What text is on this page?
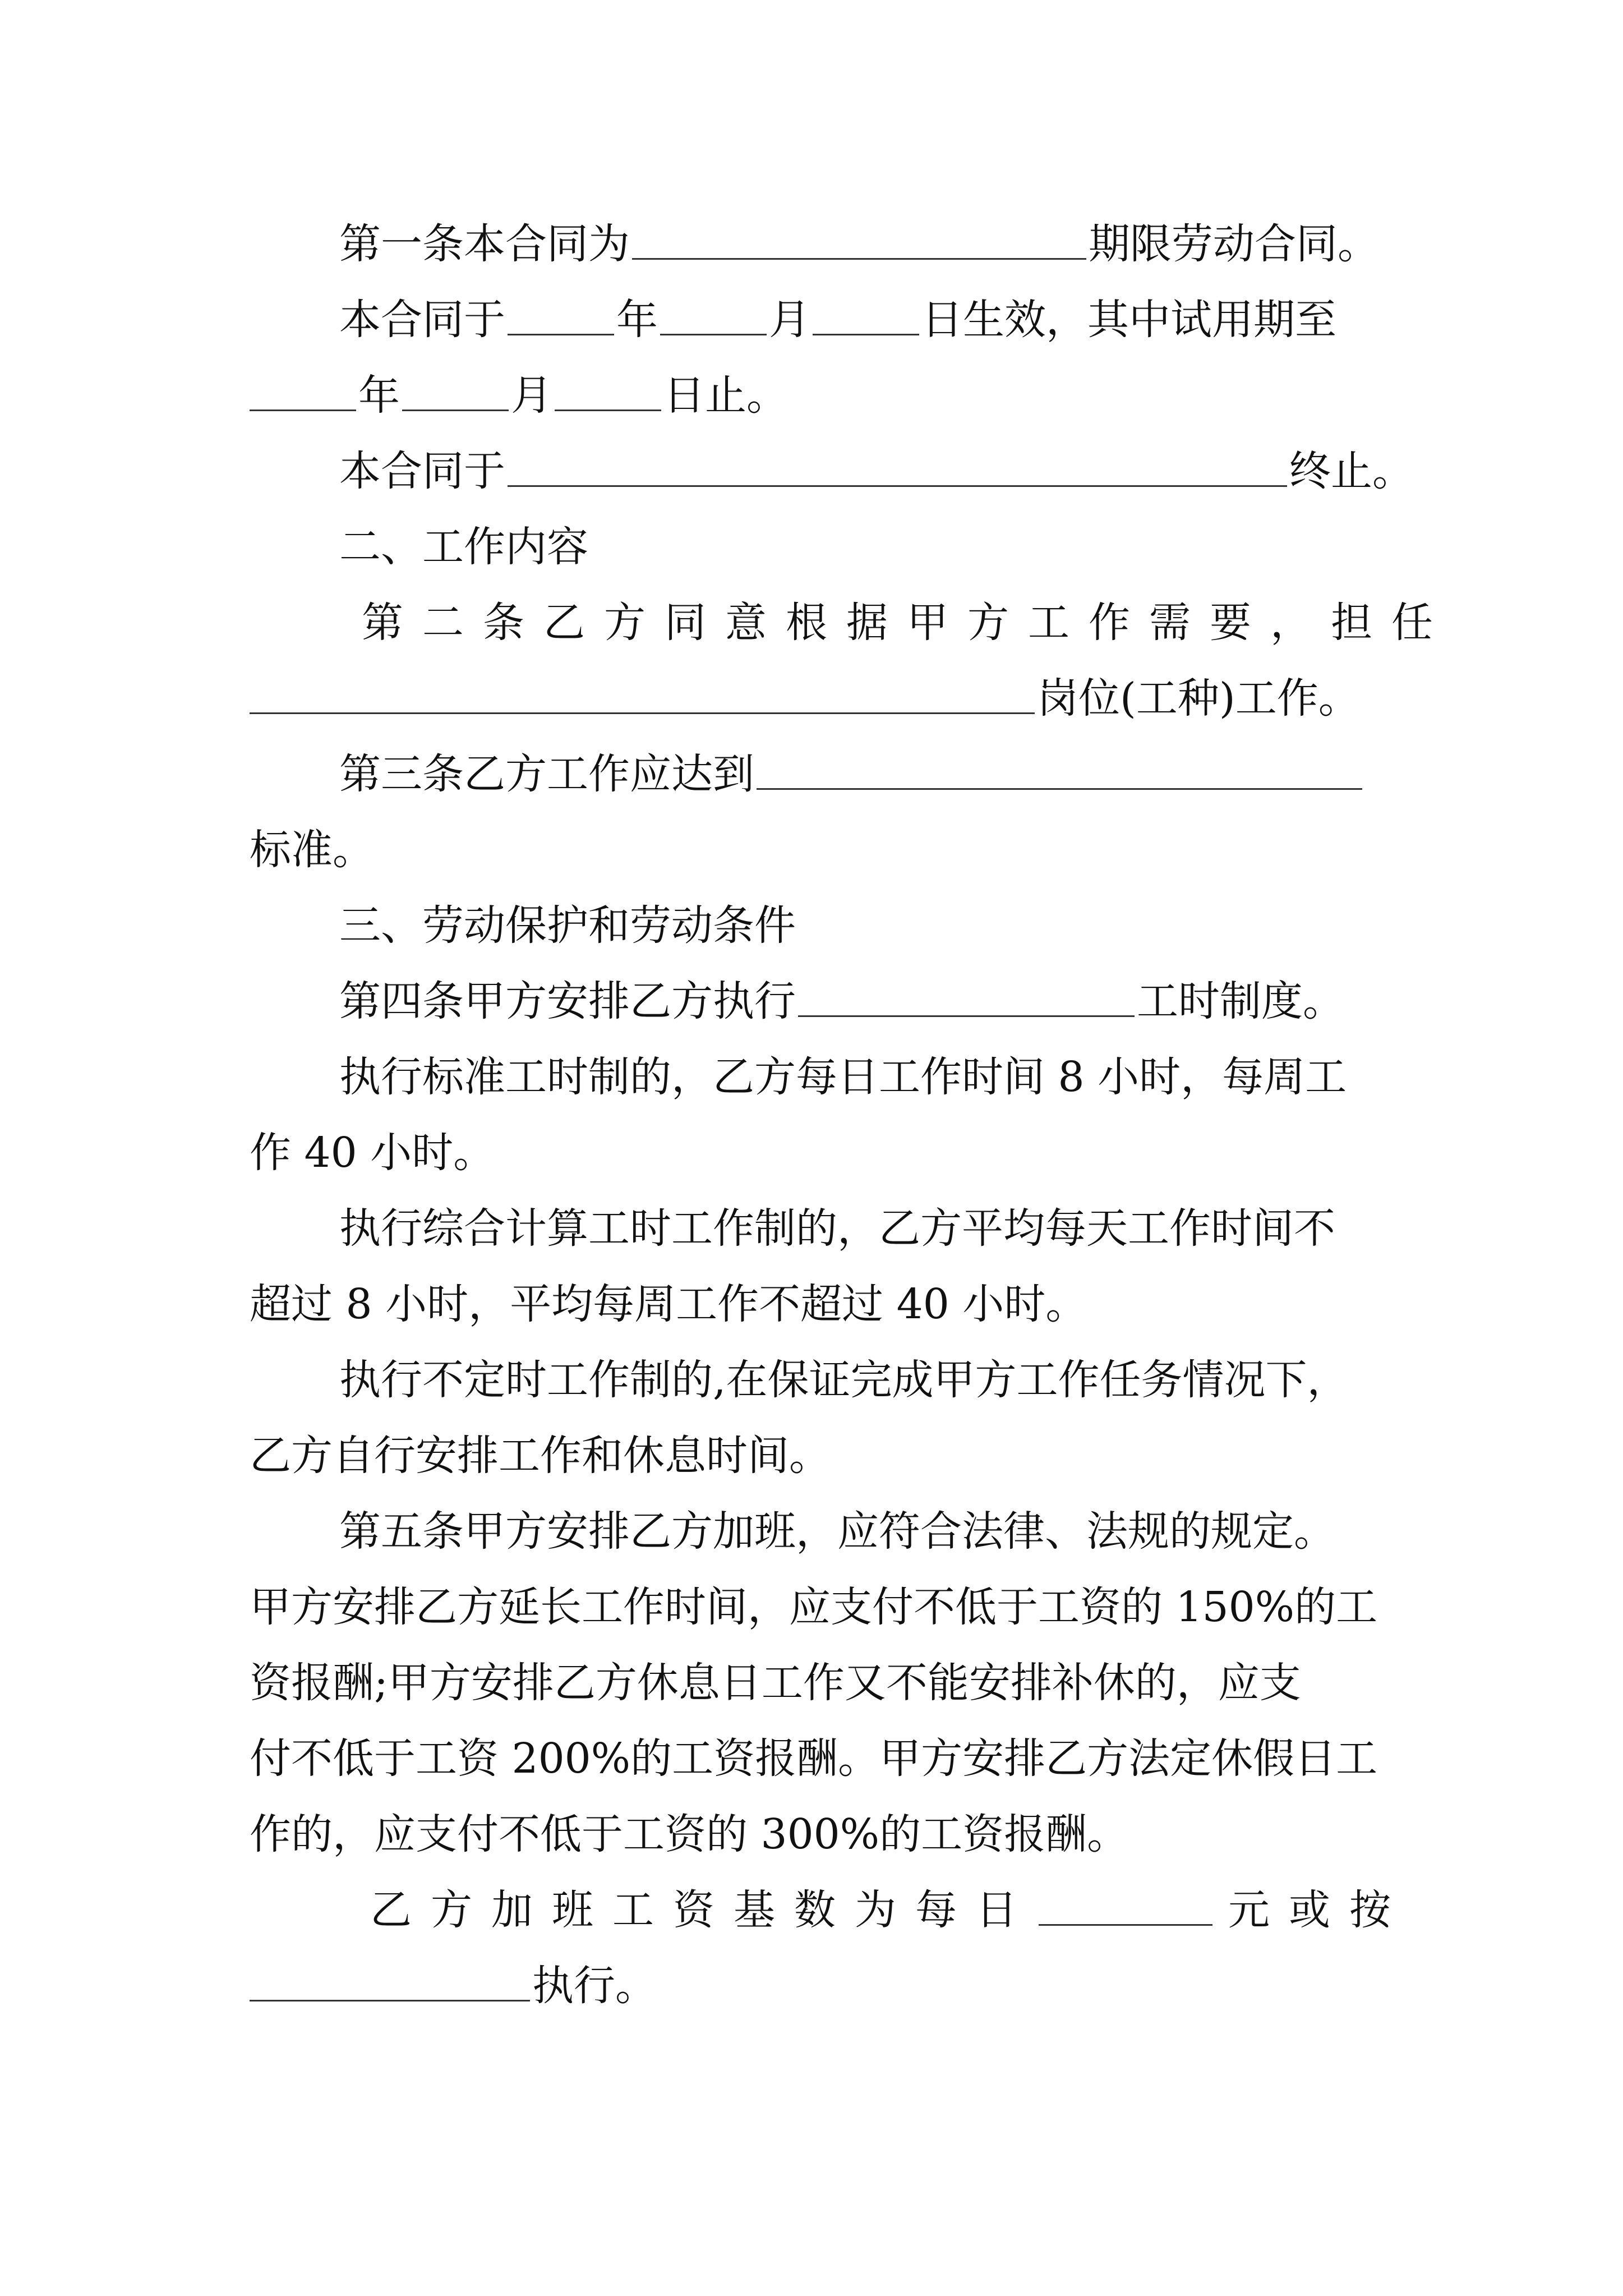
第一条本合同为	期限劳动合同。
本合同于	年	月	日生效，其中试用期至
年	月	日止。
本合同于	终止。
二、工作内容
第二条乙方同意根据甲方工作需要，担任
岗位(工种)工作。
第三条乙方工作应达到
标准。
三、劳动保护和劳动条件
第四条甲方安排乙方执行	工时制度。
执行标准工时制的，乙方每日工作时间 8 小时，每周工
作 40 小时。
执行综合计算工时工作制的，乙方平均每天工作时间不
超过 8 小时，平均每周工作不超过 40 小时。
执行不定时工作制的,在保证完成甲方工作任务情况下，
乙方自行安排工作和休息时间。
第五条甲方安排乙方加班，应符合法律、法规的规定。
甲方安排乙方延长工作时间，应支付不低于工资的 150%的工
资报酬;甲方安排乙方休息日工作又不能安排补休的，应支
付不低于工资 200%的工资报酬。甲方安排乙方法定休假日工
作的，应支付不低于工资的 300%的工资报酬。
乙方加班工资基数为每日	元或按
执行。
